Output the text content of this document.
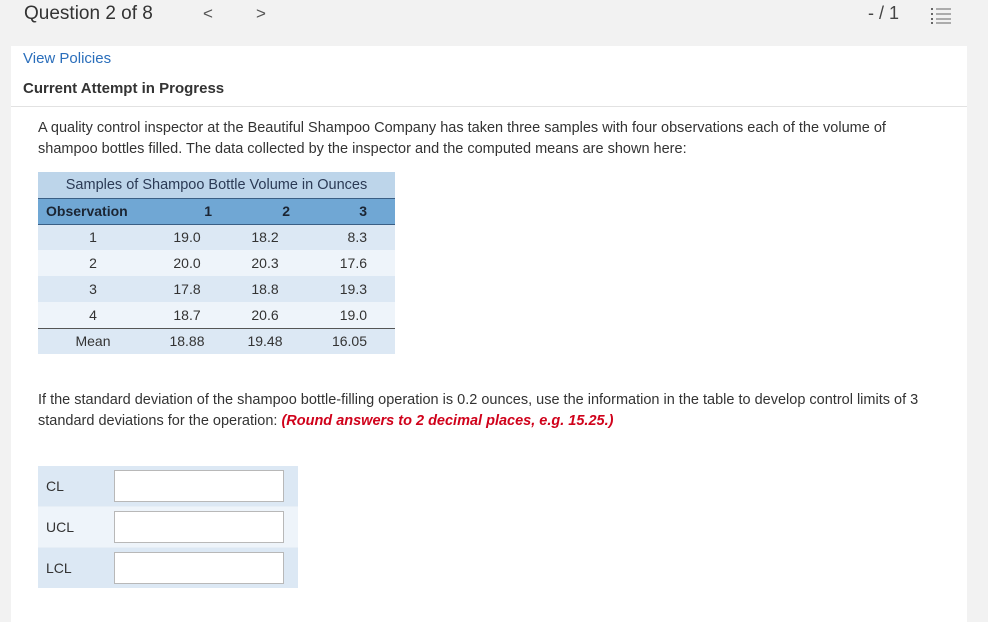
Question 2 of 8	<	>	- / 1
View Policies
Current Attempt in Progress
A quality control inspector at the Beautiful Shampoo Company has taken three samples with four observations each of the volume of shampoo bottles filled. The data collected by the inspector and the computed means are shown here:
Samples of Shampoo Bottle Volume in Ounces			
Observation	1	2	3
1	19.0	18.2	8.3
2	20.0	20.3	17.6
3	17.8	18.8	19.3
4	18.7	20.6	19.0
Mean	18.88	19.48	16.05
If the standard deviation of the shampoo bottle-filling operation is 0.2 ounces, use the information in the table to develop control limits of 3 standard deviations for the operation: (Round answers to 2 decimal places, e.g. 15.25.)
CL
UCL
LCL
